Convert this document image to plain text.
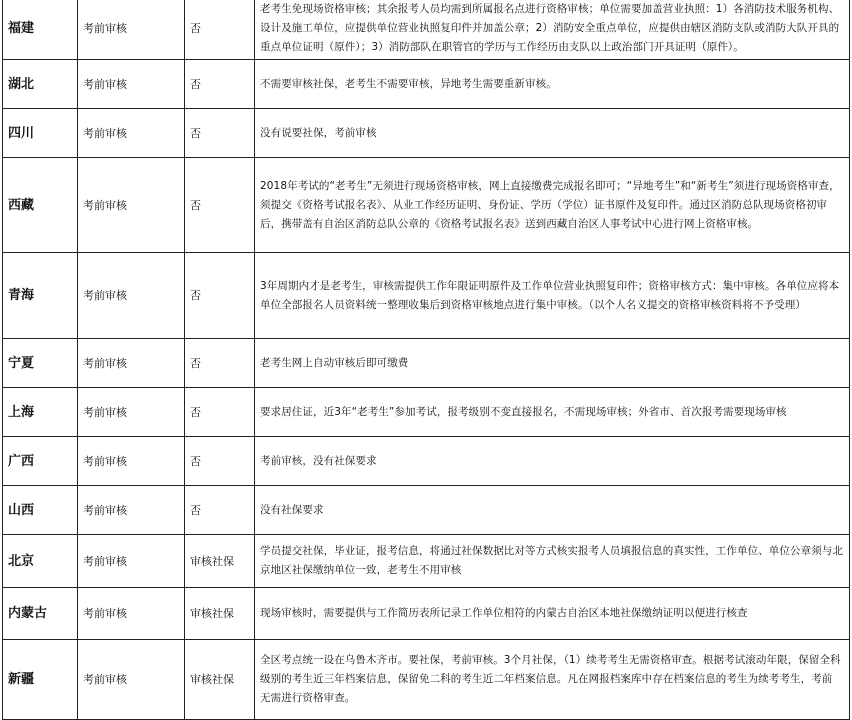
福建	考前审核	否	老考生免现场资格审核；其余报考人员均需到所属报名点进行资格审核；单位需要加盖营业执照：1）各消防技术服务机构、设计及施工单位，应提供单位营业执照复印件并加盖公章；2）消防安全重点单位，应提供由辖区消防支队或消防大队开具的重点单位证明（原件）；3）消防部队在职管官的学历与工作经历由支队以上政治部门开具证明（原件）。
湖北	考前审核	否	不需要审核社保，老考生不需要审核，异地考生需要重新审核。
四川	考前审核	否	没有说要社保，考前审核
西藏	考前审核	否	2018年考试的“老考生”无须进行现场资格审核，网上直接缴费完成报名即可；“异地考生”和“新考生”须进行现场资格审查，须提交《资格考试报名表》、从业工作经历证明、身份证、学历（学位）证书原件及复印件。通过区消防总队现场资格初审后，携带盖有自治区消防总队公章的《资格考试报名表》送到西藏自治区人事考试中心进行网上资格审核。
青海	考前审核	否	3年周期内才是老考生，审核需提供工作年限证明原件及工作单位营业执照复印件；资格审核方式：集中审核。各单位应将本单位全部报名人员资料统一整理收集后到资格审核地点进行集中审核。（以个人名义提交的资格审核资料将不予受理）
宁夏	考前审核	否	老考生网上自动审核后即可缴费
上海	考前审核	否	要求居住证，近3年“老考生”参加考试，报考级别不变直接报名，不需现场审核；外省市、首次报考需要现场审核
广西	考前审核	否	考前审核，没有社保要求
山西	考前审核	否	没有社保要求
北京	考前审核	审核社保	学员提交社保，毕业证，报考信息，将通过社保数据比对等方式核实报考人员填报信息的真实性，工作单位、单位公章须与北京地区社保缴纳单位一致，老考生不用审核
内蒙古	考前审核	审核社保	现场审核时，需要提供与工作简历表所记录工作单位相符的内蒙古自治区本地社保缴纳证明以便进行核查
新疆	考前审核	审核社保	全区考点统一设在乌鲁木齐市。要社保，考前审核。3个月社保，（1）续考考生无需资格审查。根据考试滚动年限，保留全科级别的考生近三年档案信息，保留免二科的考生近二年档案信息。凡在网报档案库中存在档案信息的考生为续考考生，考前无需进行资格审查。
